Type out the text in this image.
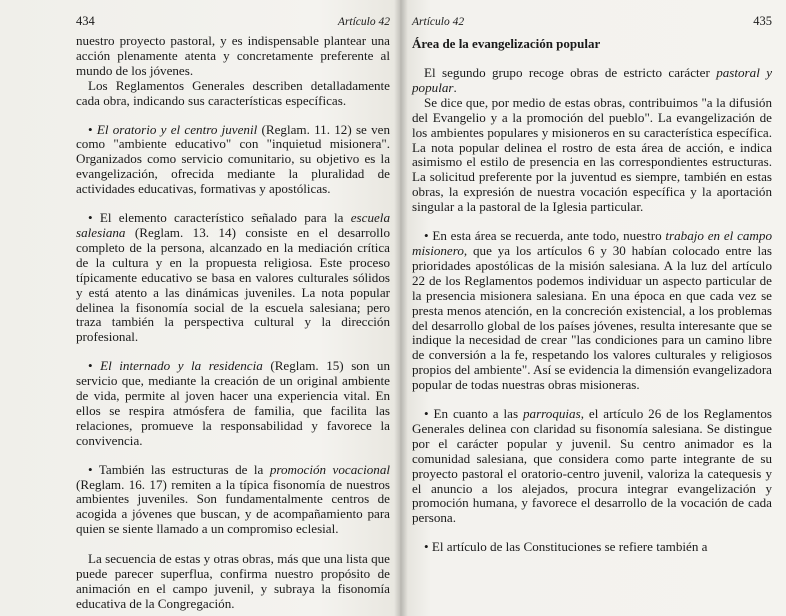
434	Artículo 42

nuestro proyecto pastoral, y es indispensable plantear una acción plenamente atenta y concretamente preferente al mundo de los jóvenes.

Los Reglamentos Generales describen detalladamente cada obra, indicando sus características específicas.

• El oratorio y el centro juvenil (Reglam. 11. 12) se ven como "ambiente educativo" con "inquietud misionera". Organizados como servicio comunitario, su objetivo es la evangelización, ofrecida mediante la pluralidad de actividades educativas, formativas y apostólicas.

• El elemento característico señalado para la escuela salesiana (Reglam. 13. 14) consiste en el desarrollo completo de la persona, alcanzado en la mediación crítica de la cultura y en la propuesta religiosa. Este proceso típicamente educativo se basa en valores culturales sólidos y está atento a las dinámicas juveniles. La nota popular delinea la fisonomía social de la escuela salesiana; pero traza también la perspectiva cultural y la dirección profesional.

• El internado y la residencia (Reglam. 15) son un servicio que, mediante la creación de un original ambiente de vida, permite al joven hacer una experiencia vital. En ellos se respira atmósfera de familia, que facilita las relaciones, promueve la responsabilidad y favorece la convivencia.

• También las estructuras de la promoción vocacional (Reglam. 16. 17) remiten a la típica fisonomía de nuestros ambientes juveniles. Son fundamentalmente centros de acogida a jóvenes que buscan, y de acompañamiento para quien se siente llamado a un compromiso eclesial.

La secuencia de estas y otras obras, más que una lista que puede parecer superflua, confirma nuestro propósito de animación en el campo juvenil, y subraya la fisonomía educativa de la Congregación.

Artículo 42	435
Área de la evangelización popular

El segundo grupo recoge obras de estricto carácter pastoral y popular.

Se dice que, por medio de estas obras, contribuimos "a la difusión del Evangelio y a la promoción del pueblo". La evangelización de los ambientes populares y misioneros en su característica específica. La nota popular delinea el rostro de esta área de acción, e indica asimismo el estilo de presencia en las correspondientes estructuras. La solicitud preferente por la juventud es siempre, también en estas obras, la expresión de nuestra vocación específica y la aportación singular a la pastoral de la Iglesia particular.

• En esta área se recuerda, ante todo, nuestro trabajo en el campo misionero, que ya los artículos 6 y 30 habían colocado entre las prioridades apostólicas de la misión salesiana. A la luz del artículo 22 de los Reglamentos podemos individuar un aspecto particular de la presencia misionera salesiana. En una época en que cada vez se presta menos atención, en la concreción existencial, a los problemas del desarrollo global de los países jóvenes, resulta interesante que se indique la necesidad de crear "las condiciones para un camino libre de conversión a la fe, respetando los valores culturales y religiosos propios del ambiente". Así se evidencia la dimensión evangelizadora popular de todas nuestras obras misioneras.

• En cuanto a las parroquias, el artículo 26 de los Reglamentos Generales delinea con claridad su fisonomía salesiana. Se distingue por el carácter popular y juvenil. Su centro animador es la comunidad salesiana, que considera como parte integrante de su proyecto pastoral el oratorio-centro juvenil, valoriza la catequesis y el anuncio a los alejados, procura integrar evangelización y promoción humana, y favorece el desarrollo de la vocación de cada persona.

• El artículo de las Constituciones se refiere también a
